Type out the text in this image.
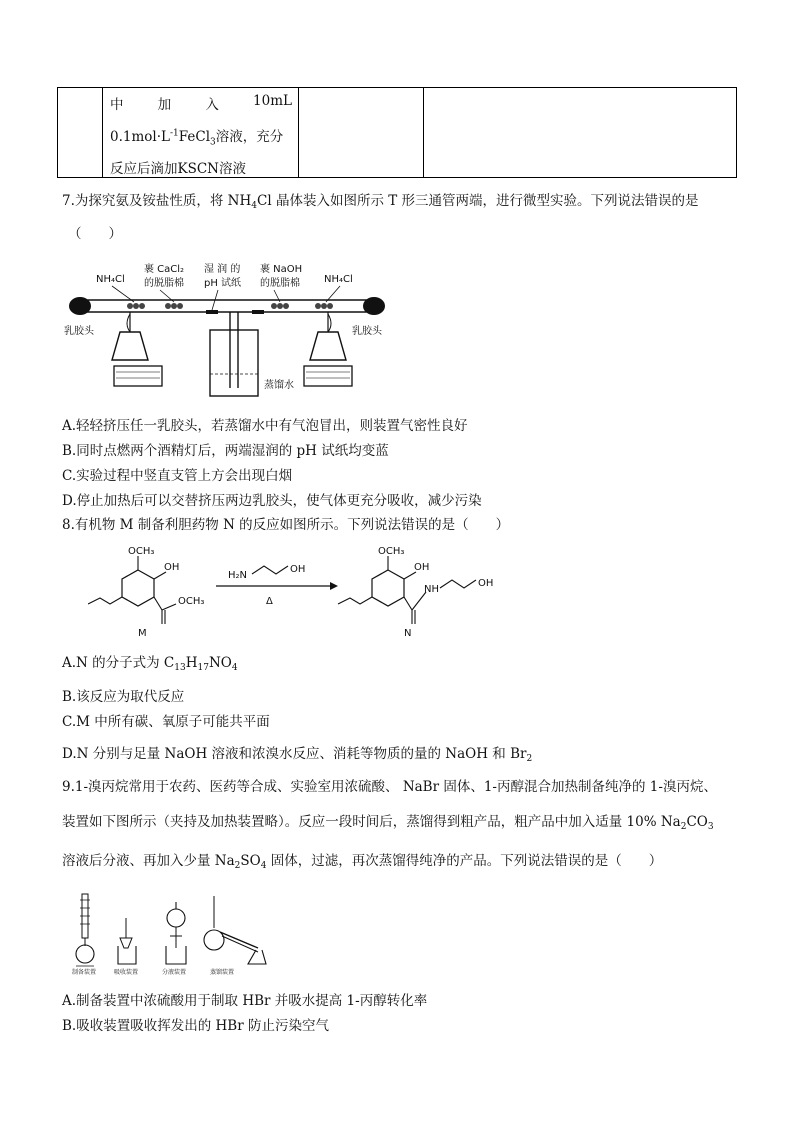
中	加	入	10mL
$0.1mol\cdot L^{-1}FeCl_3$溶液，充分
反应后滴加KSCN溶液
7.为探究氨及铵盐性质，将 $NH_4Cl$ 晶体装入如图所示 T 形三通管两端，进行微型实验。下列说法错误的是
（　　）
NH₄Cl
裹 CaCl₂
的脱脂棉
湿 润 的
pH 试纸
裹 NaOH
的脱脂棉 NH₄Cl
蒸馏水
乳胶头	乳胶头
A.轻轻挤压任一乳胶头，若蒸馏水中有气泡冒出，则装置气密性良好
B.同时点燃两个酒精灯后，两端湿润的 pH 试纸均变蓝
C.实验过程中竖直支管上方会出现白烟
D.停止加热后可以交替挤压两边乳胶头，使气体更充分吸收，减少污染
8.有机物 M 制备利胆药物 N 的反应如图所示。下列说法错误的是（　　）
OCH₃
OH
OCH₃
M
H₂N
OH
Δ
OCH₃
OH
NH
OH
N
A.N 的分子式为 $C_{13}H_{17}NO_4$
B.该反应为取代反应
C.M 中所有碳、氧原子可能共平面
D.N 分别与足量 NaOH 溶液和浓溴水反应、消耗等物质的量的 NaOH 和 $Br_2$
9.1-溴丙烷常用于农药、医药等合成、实验室用浓硫酸、 NaBr 固体、1-丙醇混合加热制备纯净的 1-溴丙烷、
装置如下图所示（夹持及加热装置略）。反应一段时间后，蒸馏得到粗产品，粗产品中加入适量 10% $Na_2CO_3$
溶液后分液、再加入少量 $Na_2SO_4$ 固体，过滤，再次蒸馏得纯净的产品。下列说法错误的是（　　）
制备装置	吸收装置	分液装置	蒸馏装置
A.制备装置中浓硫酸用于制取 HBr 并吸水提高 1-丙醇转化率
B.吸收装置吸收挥发出的 HBr 防止污染空气
